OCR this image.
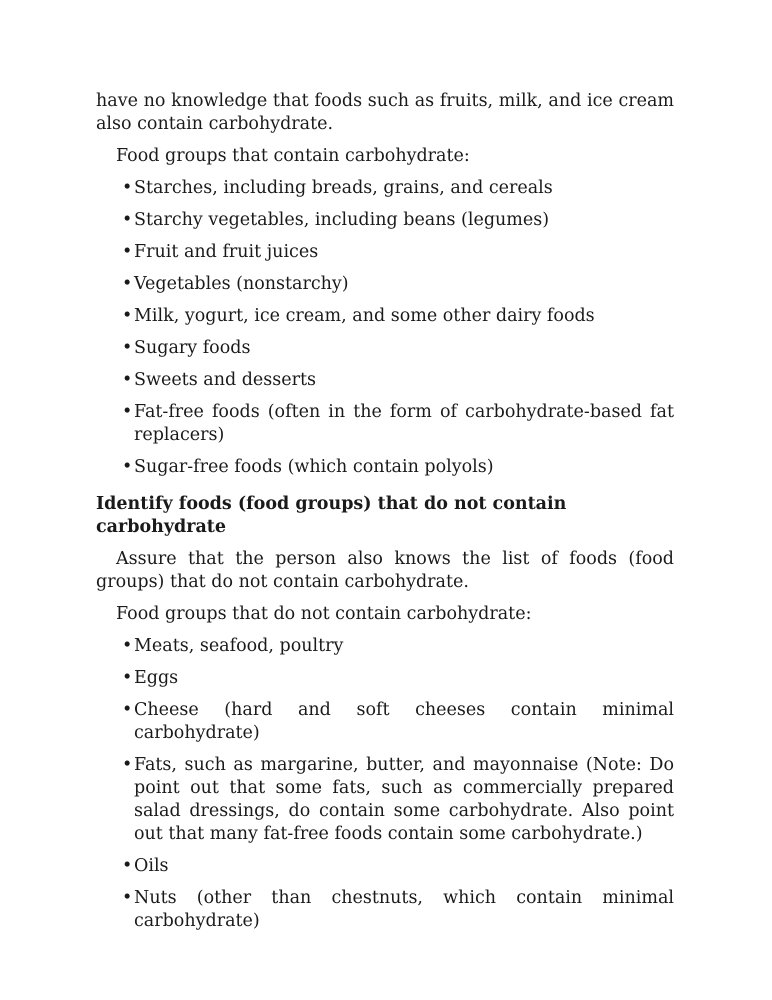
have no knowledge that foods such as fruits, milk, and ice cream also contain carbohydrate.

Food groups that contain carbohydrate:

• Starches, including breads, grains, and cereals
• Starchy vegetables, including beans (legumes)
• Fruit and fruit juices
• Vegetables (nonstarchy)
• Milk, yogurt, ice cream, and some other dairy foods
• Sugary foods
• Sweets and desserts
• Fat-free foods (often in the form of carbohydrate-based fat replacers)
• Sugar-free foods (which contain polyols)

Identify foods (food groups) that do not contain carbohydrate

Assure that the person also knows the list of foods (food groups) that do not contain carbohydrate.

Food groups that do not contain carbohydrate:

• Meats, seafood, poultry
• Eggs
• Cheese (hard and soft cheeses contain minimal carbohydrate)
• Fats, such as margarine, butter, and mayonnaise (Note: Do point out that some fats, such as commercially prepared salad dressings, do contain some carbohydrate. Also point out that many fat-free foods contain some carbohydrate.)
• Oils
• Nuts (other than chestnuts, which contain minimal carbohydrate)
